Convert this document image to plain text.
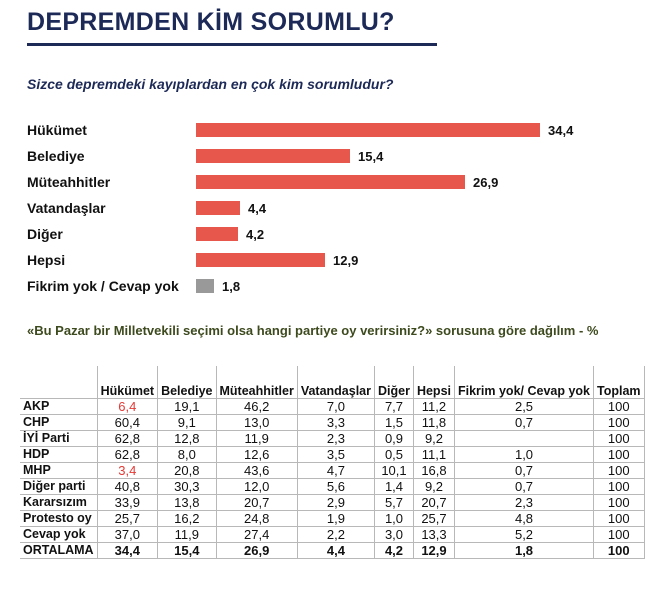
DEPREMDEN KİM SORUMLU?
Sizce depremdeki kayıplardan en çok kim sorumludur?
Hükümet	34,4
Belediye	15,4
Müteahhitler	26,9
Vatandaşlar	4,4
Diğer	4,2
Hepsi	12,9
Fikrim yok / Cevap yok	1,8
«Bu Pazar bir Milletvekili seçimi olsa hangi partiye oy verirsiniz?» sorusuna göre dağılım - %
	Hükümet	Belediye	Müteahhitler	Vatandaşlar	Diğer	Hepsi	Fikrim yok/ Cevap yok	Toplam
AKP	6,4	19,1	46,2	7,0	7,7	11,2	2,5	100
CHP	60,4	9,1	13,0	3,3	1,5	11,8	0,7	100
İYİ Parti	62,8	12,8	11,9	2,3	0,9	9,2		100
HDP	62,8	8,0	12,6	3,5	0,5	11,1	1,0	100
MHP	3,4	20,8	43,6	4,7	10,1	16,8	0,7	100
Diğer parti	40,8	30,3	12,0	5,6	1,4	9,2	0,7	100
Kararsızım	33,9	13,8	20,7	2,9	5,7	20,7	2,3	100
Protesto oy	25,7	16,2	24,8	1,9	1,0	25,7	4,8	100
Cevap yok	37,0	11,9	27,4	2,2	3,0	13,3	5,2	100
ORTALAMA	34,4	15,4	26,9	4,4	4,2	12,9	1,8	100
